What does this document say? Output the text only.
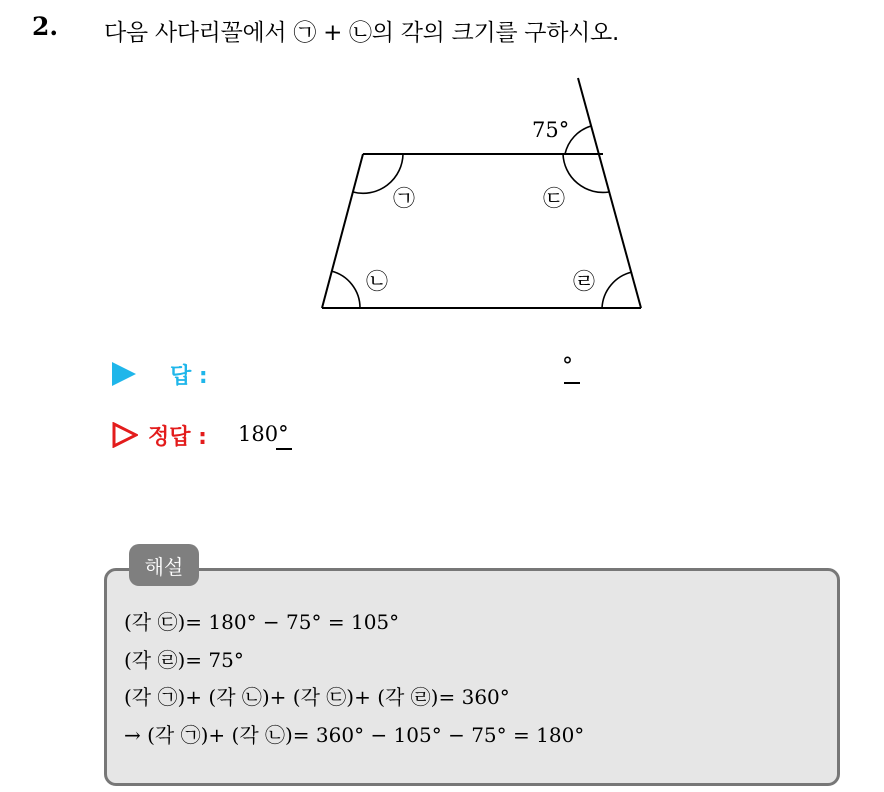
2. 다음 사다리꼴에서 ㉠ + ㉡의 각의 크기를 구하시오.
75°
㉠
㉡
㉢
㉣
답 :	°
정답 : 180°
해설
(각 ㉢)= 180° − 75° = 105°
(각 ㉣)= 75°
(각 ㉠)+ (각 ㉡)+ (각 ㉢)+ (각 ㉣)= 360°
→ (각 ㉠)+ (각 ㉡)= 360° − 105° − 75° = 180°
